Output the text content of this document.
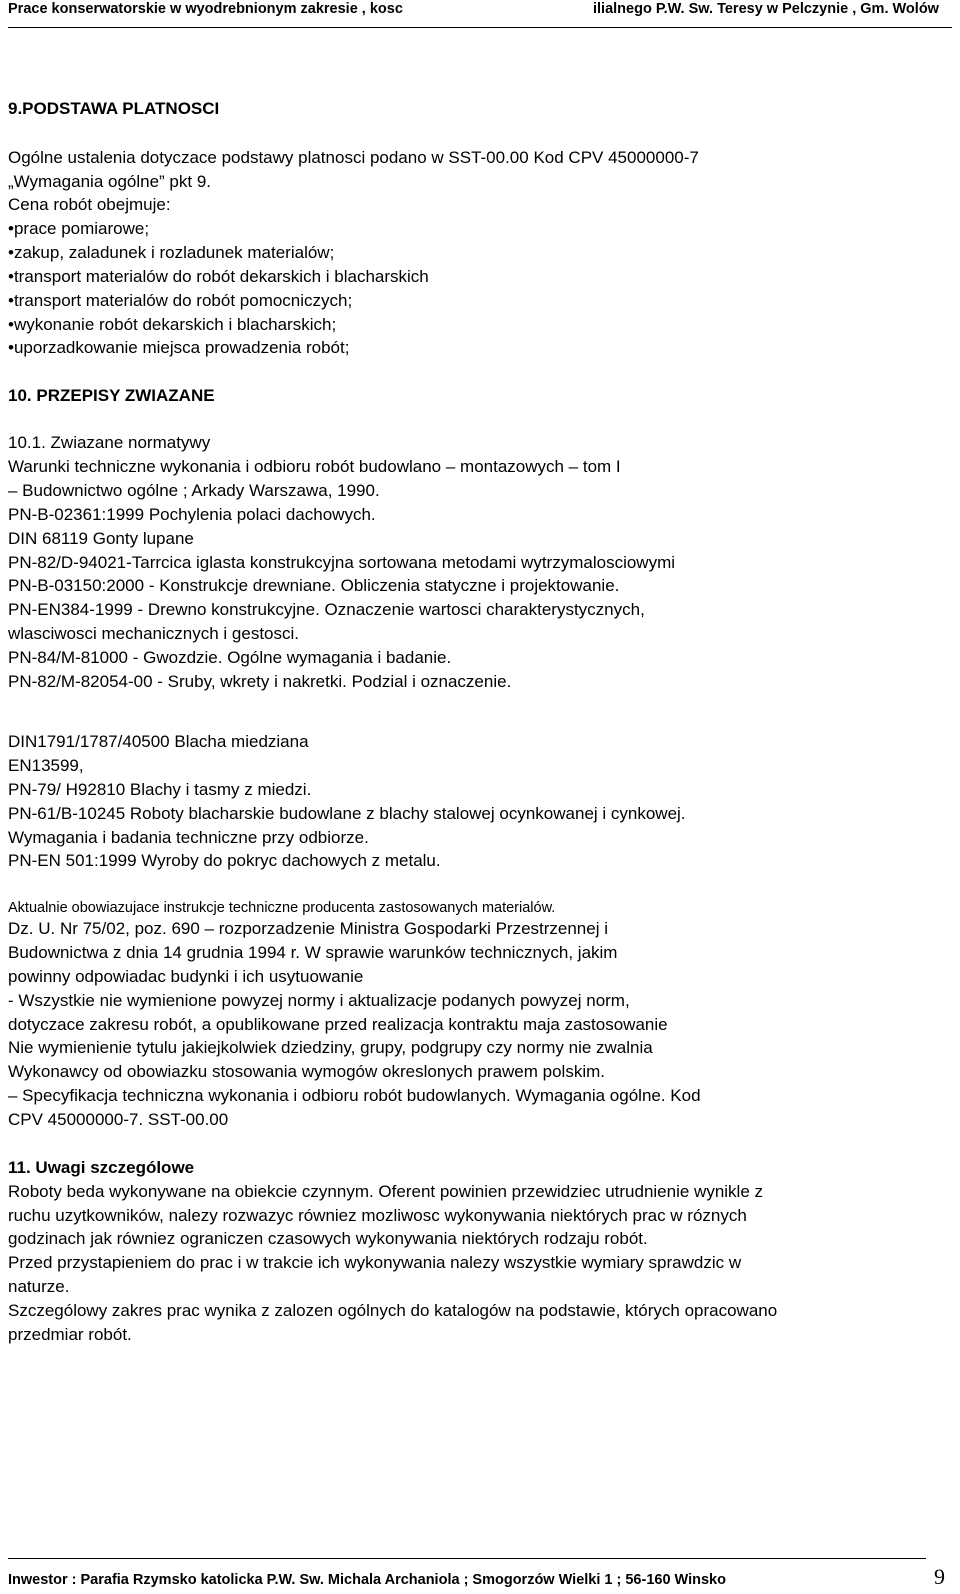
Prace konserwatorskie w wyodrebnionym zakresie , kosc	ilialnego P.W. Sw. Teresy w Pelczynie , Gm. Wolów
9.PODSTAWA PLATNOSCI
Ogólne ustalenia dotyczace podstawy platnosci podano w SST-00.00 Kod CPV 45000000-7
„Wymagania ogólne” pkt 9.
Cena robót obejmuje:
•prace pomiarowe;
•zakup, zaladunek i rozladunek materialów;
•transport materialów do robót dekarskich i blacharskich
•transport materialów do robót pomocniczych;
•wykonanie robót dekarskich i blacharskich;
•uporzadkowanie miejsca prowadzenia robót;
10. PRZEPISY ZWIAZANE
10.1. Zwiazane normatywy
Warunki techniczne wykonania i odbioru robót budowlano – montazowych – tom I
– Budownictwo ogólne ; Arkady Warszawa, 1990.
PN-B-02361:1999 Pochylenia polaci dachowych.
DIN 68119 Gonty lupane
PN-82/D-94021-Tarrcica iglasta konstrukcyjna sortowana metodami wytrzymalosciowymi
PN-B-03150:2000 - Konstrukcje drewniane. Obliczenia statyczne i projektowanie.
PN-EN384-1999 - Drewno konstrukcyjne. Oznaczenie wartosci charakterystycznych,
wlasciwosci mechanicznych i gestosci.
PN-84/M-81000 - Gwozdzie. Ogólne wymagania i badanie.
PN-82/M-82054-00 - Sruby, wkrety i nakretki. Podzial i oznaczenie.
DIN1791/1787/40500 Blacha miedziana
EN13599,
PN-79/ H92810 Blachy i tasmy z miedzi.
PN-61/B-10245 Roboty blacharskie budowlane z blachy stalowej ocynkowanej i cynkowej.
Wymagania i badania techniczne przy odbiorze.
PN-EN 501:1999 Wyroby do pokryc dachowych z metalu.
Aktualnie obowiazujace instrukcje techniczne producenta zastosowanych materialów.
Dz. U. Nr 75/02, poz. 690 – rozporzadzenie Ministra Gospodarki Przestrzennej i
Budownictwa z dnia 14 grudnia 1994 r. W sprawie warunków technicznych, jakim
powinny odpowiadac budynki i ich usytuowanie
- Wszystkie nie wymienione powyzej normy i aktualizacje podanych powyzej norm,
dotyczace zakresu robót, a opublikowane przed realizacja kontraktu maja zastosowanie
Nie wymienienie tytulu jakiejkolwiek dziedziny, grupy, podgrupy czy normy nie zwalnia
Wykonawcy od obowiazku stosowania wymogów okreslonych prawem polskim.
– Specyfikacja techniczna wykonania i odbioru robót budowlanych. Wymagania ogólne. Kod
CPV 45000000-7. SST-00.00
11. Uwagi szczególowe
Roboty beda wykonywane na obiekcie czynnym. Oferent powinien przewidziec utrudnienie wynikle z
ruchu uzytkowników, nalezy rozwazyc równiez mozliwosc wykonywania niektórych prac w róznych
godzinach jak równiez ograniczen czasowych wykonywania niektórych rodzaju robót.
Przed przystapieniem do prac i w trakcie ich wykonywania nalezy wszystkie wymiary sprawdzic w
naturze.
Szczególowy zakres prac wynika z zalozen ogólnych do katalogów na podstawie, których opracowano
przedmiar robót.
Inwestor : Parafia Rzymsko katolicka P.W. Sw. Michala Archaniola ; Smogorzów Wielki 1 ; 56-160 Winsko	9
